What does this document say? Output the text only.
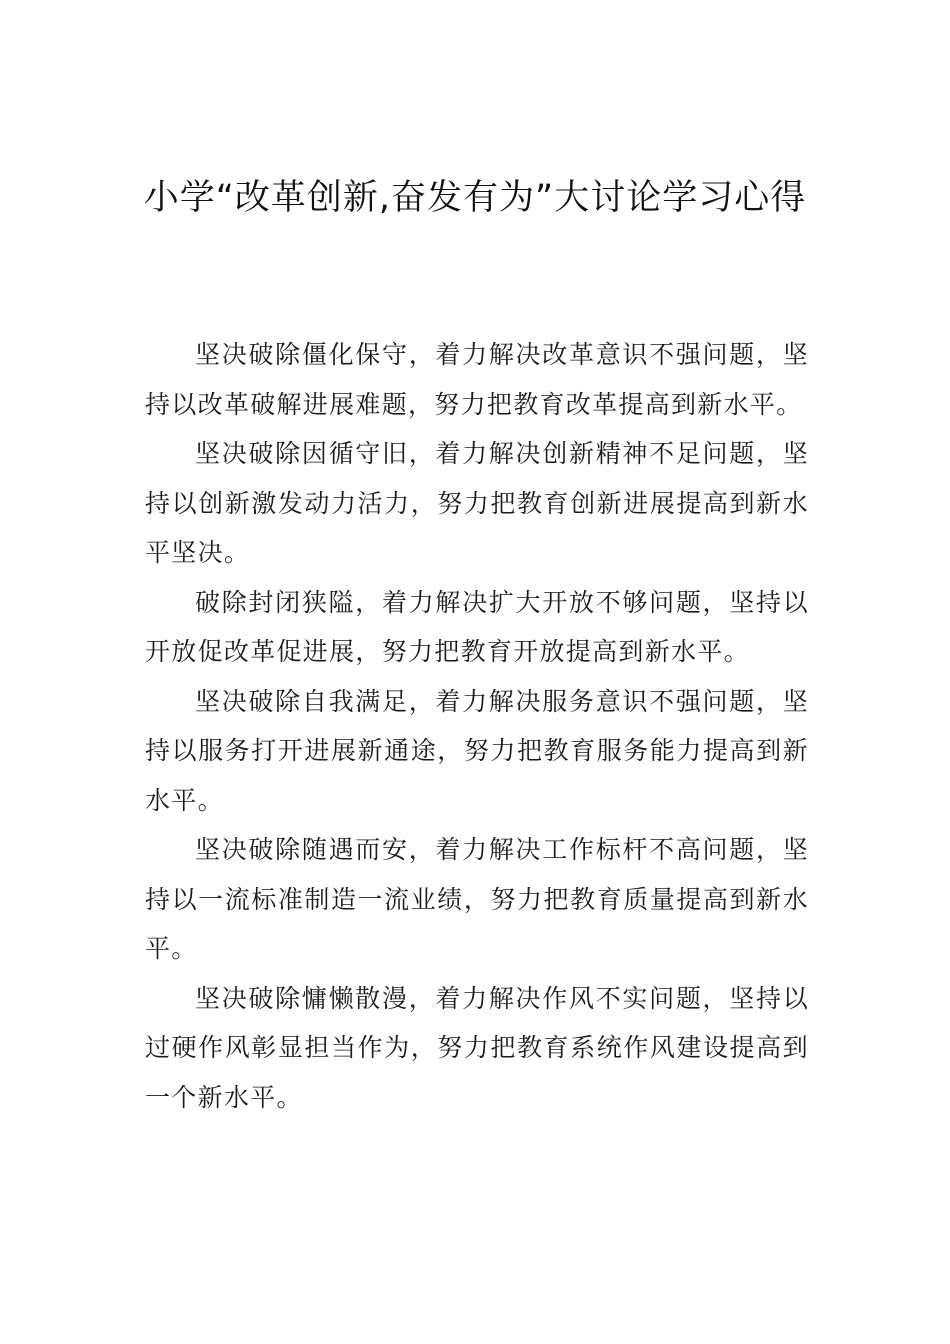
小学“改革创新,奋发有为”大讨论学习心得

坚决破除僵化保守，着力解决改革意识不强问题，坚持以改革破解进展难题，努力把教育改革提高到新水平。

坚决破除因循守旧，着力解决创新精神不足问题，坚持以创新激发动力活力，努力把教育创新进展提高到新水平坚决。

破除封闭狭隘，着力解决扩大开放不够问题，坚持以开放促改革促进展，努力把教育开放提高到新水平。

坚决破除自我满足，着力解决服务意识不强问题，坚持以服务打开进展新通途，努力把教育服务能力提高到新水平。

坚决破除随遇而安，着力解决工作标杆不高问题，坚持以一流标准制造一流业绩，努力把教育质量提高到新水平。

坚决破除慵懒散漫，着力解决作风不实问题，坚持以过硬作风彰显担当作为，努力把教育系统作风建设提高到一个新水平。
